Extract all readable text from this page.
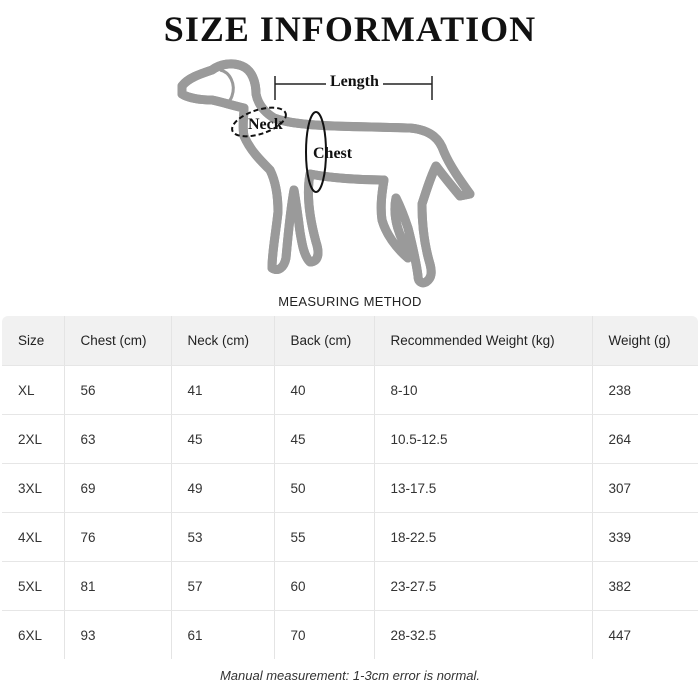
SIZE INFORMATION
Length
Neck
Chest
MEASURING METHOD
Size	Chest (cm)	Neck (cm)	Back (cm)	Recommended Weight (kg)	Weight (g)
XL	56	41	40	8-10	238
2XL	63	45	45	10.5-12.5	264
3XL	69	49	50	13-17.5	307
4XL	76	53	55	18-22.5	339
5XL	81	57	60	23-27.5	382
6XL	93	61	70	28-32.5	447
Manual measurement: 1-3cm error is normal.
